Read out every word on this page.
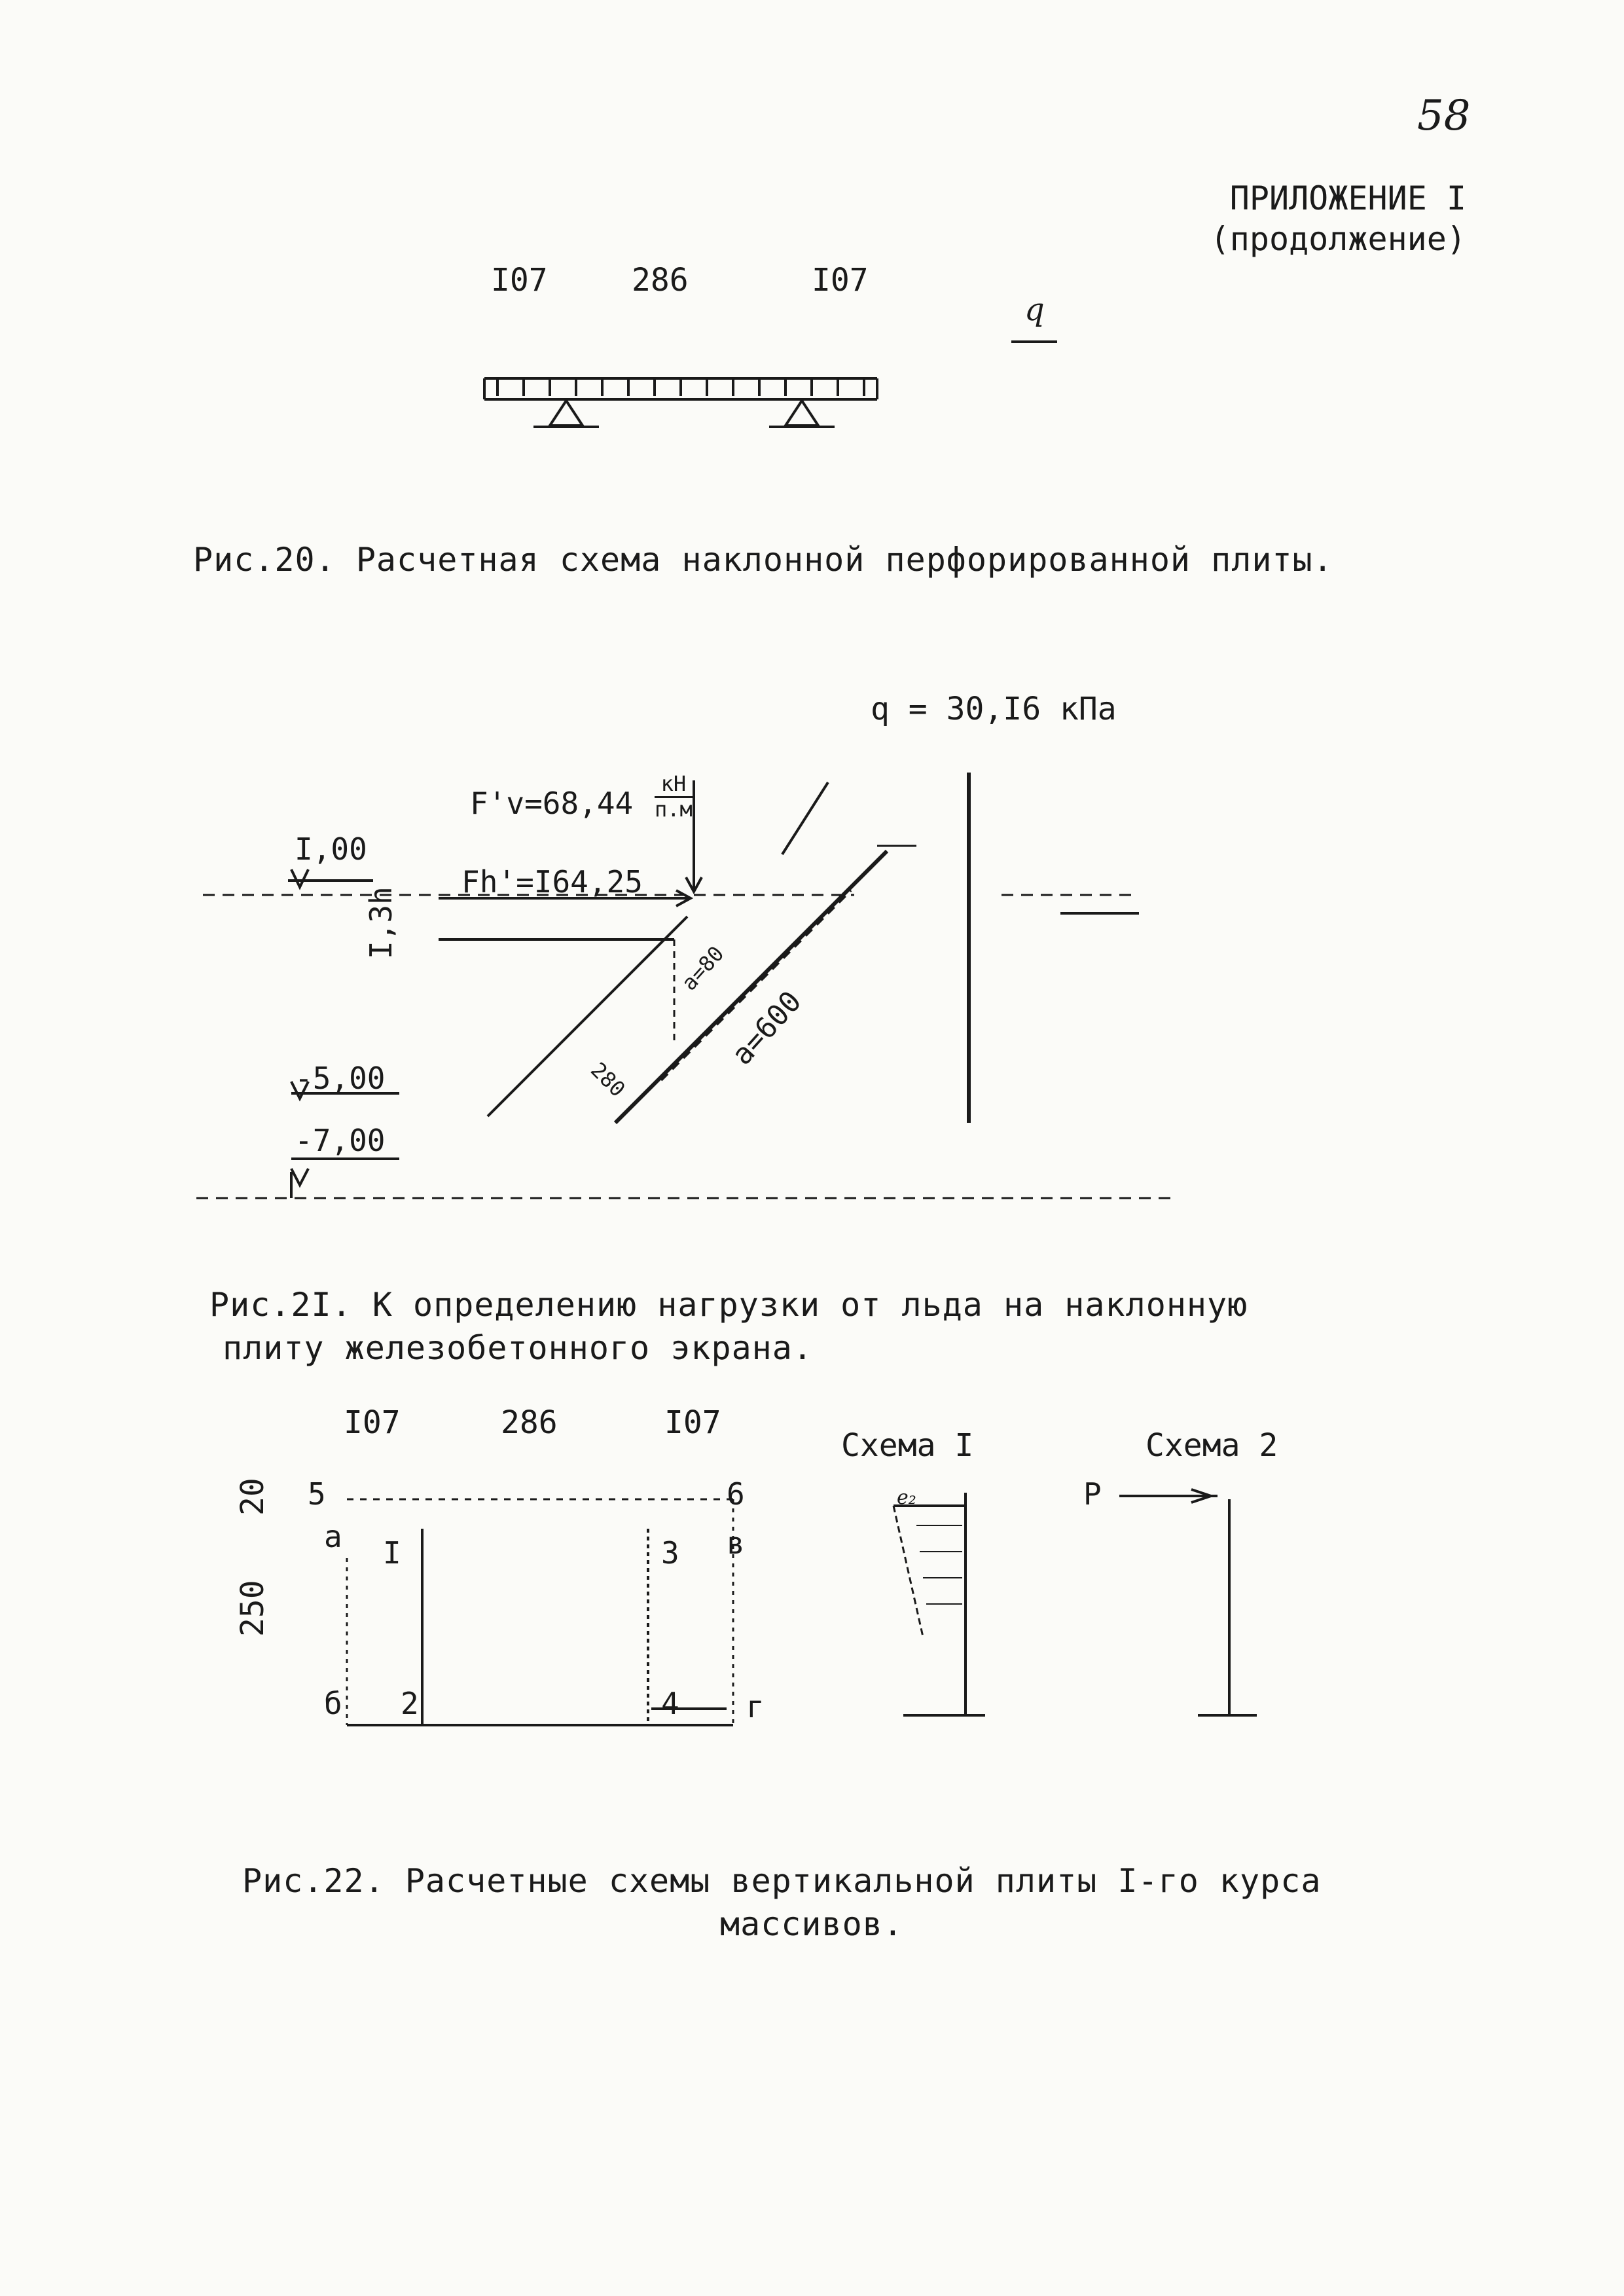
58
ПРИЛОЖЕНИЕ I
(продолжение)
I07	286	I07
q
Рис.20. Расчетная схема наклонной перфорированной плиты.
q = 30,I6 кПа
F'v=68,44
кН
п.м
Fh'=I64,25
I,00
I,3h
-5,00
-7,00
a=80
a=600
280
Рис.2I. К определению нагрузки от льда на наклонную
плиту железобетонного экрана.
I07	286	I07
250
20 5	6
а	в
I	3
б 2	4 г
Схема I	Схема 2
e₂	P
Рис.22. Расчетные схемы вертикальной плиты I-го курса
массивов.
